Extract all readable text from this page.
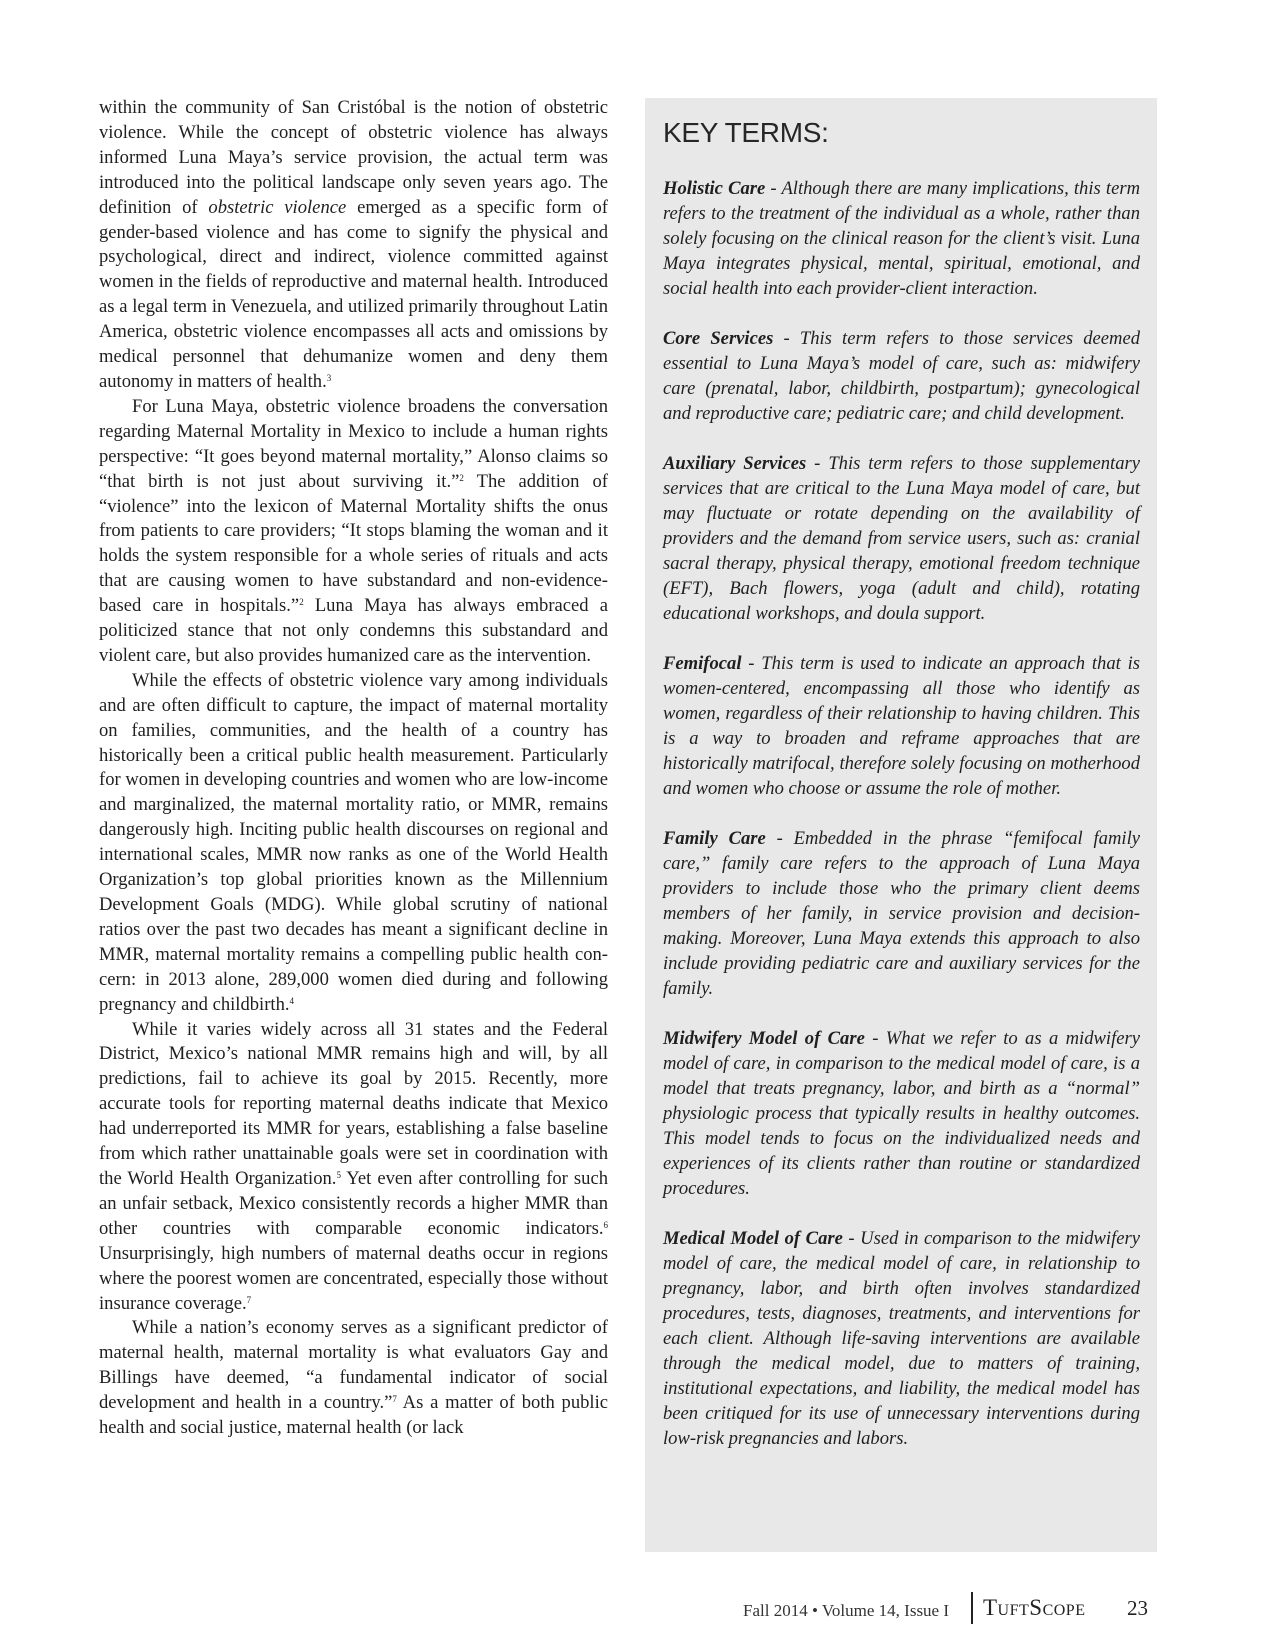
within the community of San Cristóbal is the notion of obstetric violence. While the concept of obstetric violence has always informed Luna Maya’s service provision, the actual term was introduced into the political landscape only seven years ago. The definition of obstetric violence emerged as a specific form of gender-based violence and has come to signify the physical and psychological, direct and indirect, violence committed against women in the fields of reproductive and maternal health. Introduced as a legal term in Venezuela, and utilized primarily throughout Latin America, obstetric violence encompasses all acts and omissions by medical personnel that dehumanize women and deny them autonomy in matters of health.$^3$

For Luna Maya, obstetric violence broadens the conversation regarding Maternal Mortality in Mexico to include a human rights perspective: “It goes beyond maternal mortality,” Alonso claims so “that birth is not just about surviving it.”$^2$ The addition of “violence” into the lexicon of Maternal Mortality shifts the onus from patients to care providers; “It stops blaming the woman and it holds the system responsible for a whole series of rituals and acts that are causing women to have substandard and non-evidence-based care in hospitals.”$^2$ Luna Maya has always embraced a politicized stance that not only condemns this substandard and violent care, but also provides humanized care as the intervention.

While the effects of obstetric violence vary among individuals and are often difficult to capture, the impact of maternal mortality on families, communities, and the health of a country has historically been a critical public health measurement. Particularly for women in developing countries and women who are low-income and marginalized, the maternal mortality ratio, or MMR, remains dangerously high. Inciting public health discourses on regional and international scales, MMR now ranks as one of the World Health Organization’s top global priorities known as the Millennium Development Goals (MDG). While global scrutiny of national ratios over the past two decades has meant a significant decline in MMR, maternal mortality remains a compelling public health concern: in 2013 alone, 289,000 women died during and following pregnancy and childbirth.$^4$

While it varies widely across all 31 states and the Federal District, Mexico’s national MMR remains high and will, by all predictions, fail to achieve its goal by 2015. Recently, more accurate tools for reporting maternal deaths indicate that Mexico had underreported its MMR for years, establishing a false baseline from which rather unattainable goals were set in coordination with the World Health Organization.$^5$ Yet even after controlling for such an unfair setback, Mexico consistently records a higher MMR than other countries with comparable economic indicators.$^6$ Unsurprisingly, high numbers of maternal deaths occur in regions where the poorest women are concentrated, especially those without insurance coverage.$^7$

While a nation’s economy serves as a significant predictor of maternal health, maternal mortality is what evaluators Gay and Billings have deemed, “a fundamental indicator of social development and health in a country.”$^7$ As a matter of both public health and social justice, maternal health (or lack

KEY TERMS:

Holistic Care - Although there are many implications, this term refers to the treatment of the individual as a whole, rather than solely focusing on the clinical reason for the client’s visit. Luna Maya integrates physical, mental, spiritual, emotional, and social health into each provider-client interaction.

Core Services - This term refers to those services deemed essential to Luna Maya’s model of care, such as: midwifery care (prenatal, labor, childbirth, postpartum); gynecological and reproductive care; pediatric care; and child development.

Auxiliary Services - This term refers to those supplementary services that are critical to the Luna Maya model of care, but may fluctuate or rotate depending on the availability of providers and the demand from service users, such as: cranial sacral therapy, physical therapy, emotional freedom technique (EFT), Bach flowers, yoga (adult and child), rotating educational workshops, and doula support.

Femifocal - This term is used to indicate an approach that is women-centered, encompassing all those who identify as women, regardless of their relationship to having children. This is a way to broaden and reframe approaches that are historically matrifocal, therefore solely focusing on motherhood and women who choose or assume the role of mother.

Family Care - Embedded in the phrase “femifocal family care,” family care refers to the approach of Luna Maya providers to include those who the primary client deems members of her family, in service provision and decision-making. Moreover, Luna Maya extends this approach to also include providing pediatric care and auxiliary services for the family.

Midwifery Model of Care - What we refer to as a midwifery model of care, in comparison to the medical model of care, is a model that treats pregnancy, labor, and birth as a “normal” physiologic process that typically results in healthy outcomes. This model tends to focus on the individualized needs and experiences of its clients rather than routine or standardized procedures.

Medical Model of Care - Used in comparison to the midwifery model of care, the medical model of care, in relationship to pregnancy, labor, and birth often involves standardized procedures, tests, diagnoses, treatments, and interventions for each client. Although life-saving interventions are available through the medical model, due to matters of training, institutional expectations, and liability, the medical model has been critiqued for its use of unnecessary interventions during low-risk pregnancies and labors.

Fall 2014 • Volume 14, Issue I TuftScope 23
